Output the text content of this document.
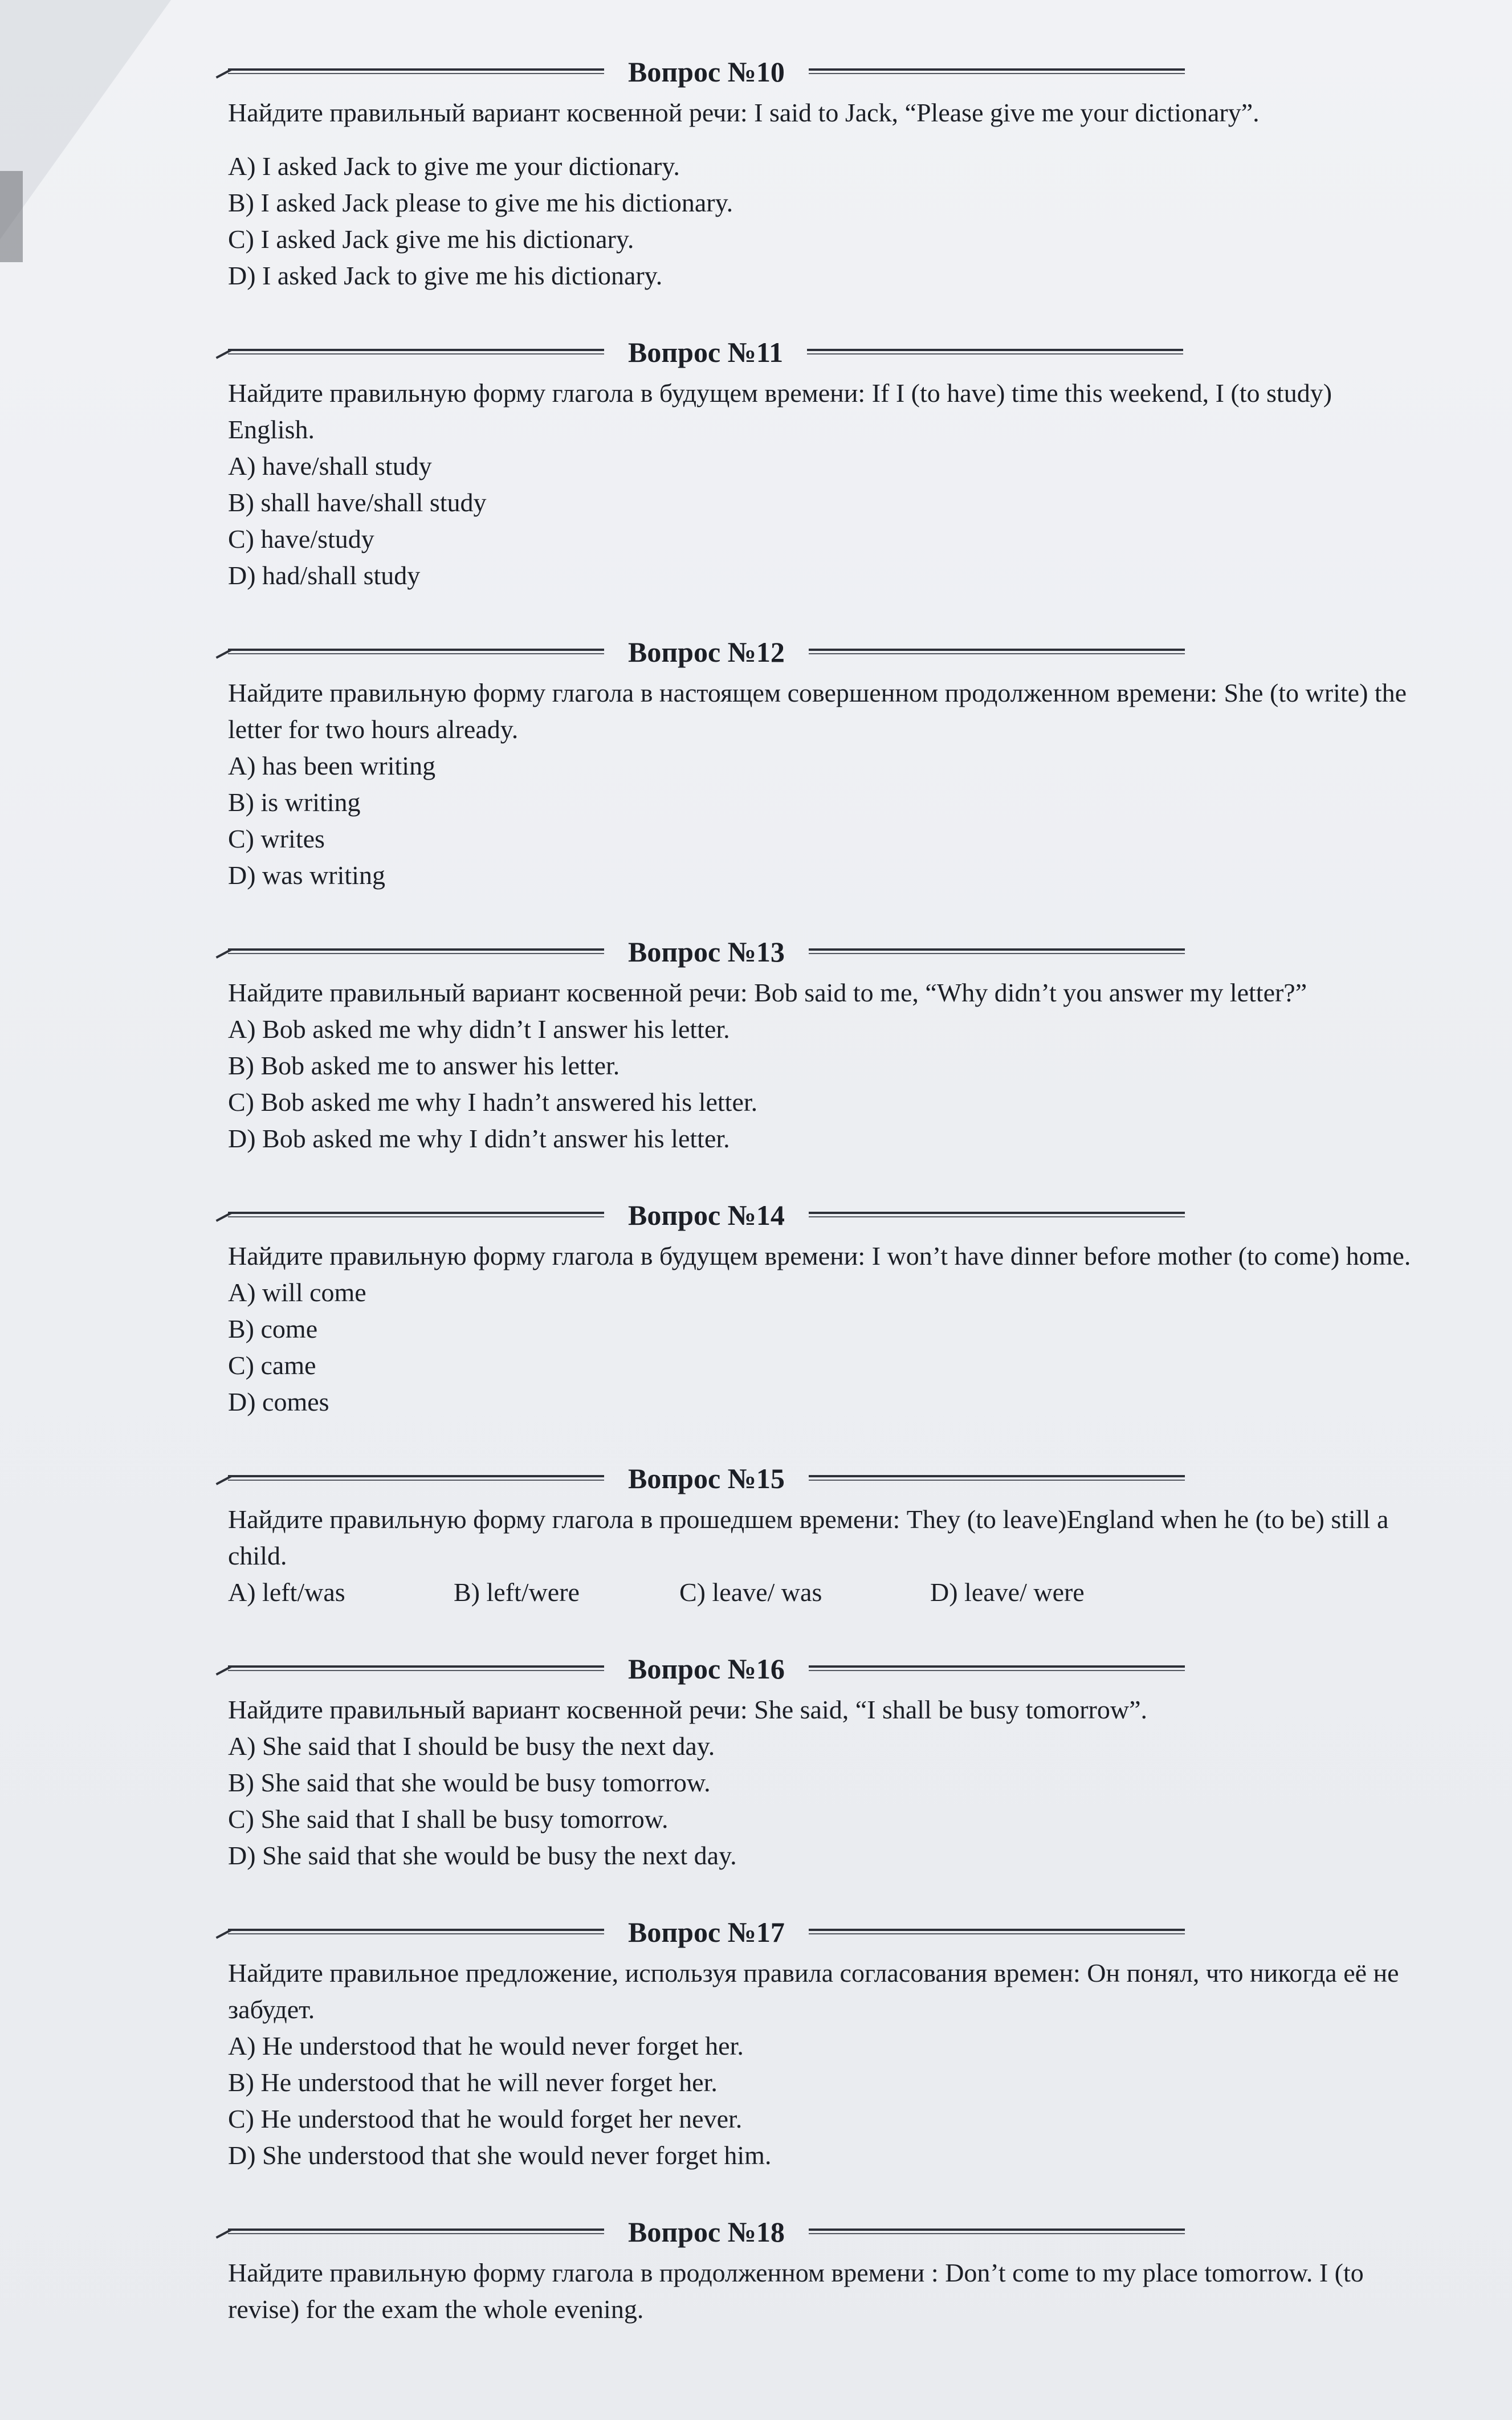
Вопрос №10
Найдите правильный вариант косвенной речи: I said to Jack, “Please give me your dictionary”.
A) I asked Jack to give me your dictionary.
B) I asked Jack please to give me his dictionary.
C) I asked Jack give me his dictionary.
D) I asked Jack to give me his dictionary.
Вопрос №11
Найдите правильную форму глагола в будущем времени: If I (to have) time this weekend, I (to study) English.
A) have/shall study
B) shall have/shall study
C) have/study
D) had/shall study
Вопрос №12
Найдите правильную форму глагола в настоящем совершенном продолженном времени: She (to write) the letter for two hours already.
A) has been writing
B) is writing
C) writes
D) was writing
Вопрос №13
Найдите правильный вариант косвенной речи: Bob said to me, “Why didn’t you answer my letter?”
A) Bob asked me why didn’t I answer his letter.
B) Bob asked me to answer his letter.
C) Bob asked me why I hadn’t answered his letter.
D) Bob asked me why I didn’t answer his letter.
Вопрос №14
Найдите правильную форму глагола в будущем времени: I won’t have dinner before mother (to come) home.
A) will come
B) come
C) came
D) comes
Вопрос №15
Найдите правильную форму глагола в прошедшем времени: They (to leave)England when he (to be) still a child.
A) left/was	B) left/were	C) leave/ was	D) leave/ were
Вопрос №16
Найдите правильный вариант косвенной речи: She said, “I shall be busy tomorrow”.
A) She said that I should be busy the next day.
B) She said that she would be busy tomorrow.
C) She said that I shall be busy tomorrow.
D) She said that she would be busy the next day.
Вопрос №17
Найдите правильное предложение, используя правила согласования времен: Он понял, что никогда её не забудет.
A) He understood that he would never forget her.
B) He understood that he will never forget her.
C) He understood that he would forget her never.
D) She understood that she would never forget him.
Вопрос №18
Найдите правильную форму глагола в продолженном времени : Don’t come to my place tomorrow. I (to revise) for the exam the whole evening.
